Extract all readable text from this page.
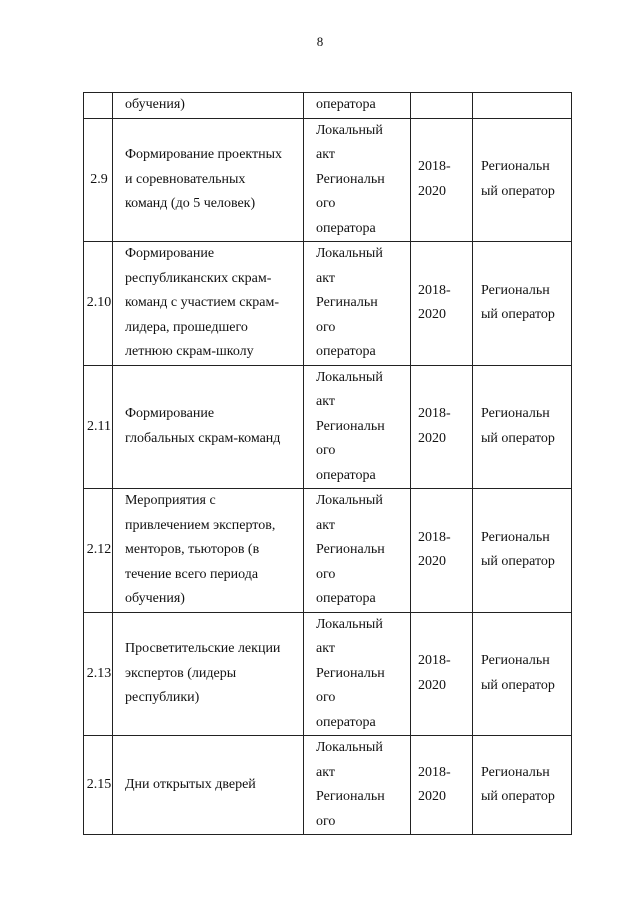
8

	обучения)	оператора		

2.9	Формирование проектных
и соревновательных
команд (до 5 человек)	Локальный
акт
Региональн
ого
оператора	2018-
2020	Региональн
ый оператор

2.10	Формирование
республиканских скрам-
команд с участием скрам-
лидера, прошедшего
летнюю скрам-школу	Локальный
акт
Регинальн
ого
оператора	2018-
2020	Региональн
ый оператор

2.11	Формирование
глобальных скрам-команд	Локальный
акт
Региональн
ого
оператора	2018-
2020	Региональн
ый оператор

2.12	Мероприятия с
привлечением экспертов,
менторов, тьюторов (в
течение всего периода
обучения)	Локальный
акт
Региональн
ого
оператора	2018-
2020	Региональн
ый оператор

2.13	Просветительские лекции
экспертов (лидеры
республики)	Локальный
акт
Региональн
ого
оператора	2018-
2020	Региональн
ый оператор

2.15	Дни открытых дверей	Локальный
акт
Региональн
ого	2018-
2020	Региональн
ый оператор
